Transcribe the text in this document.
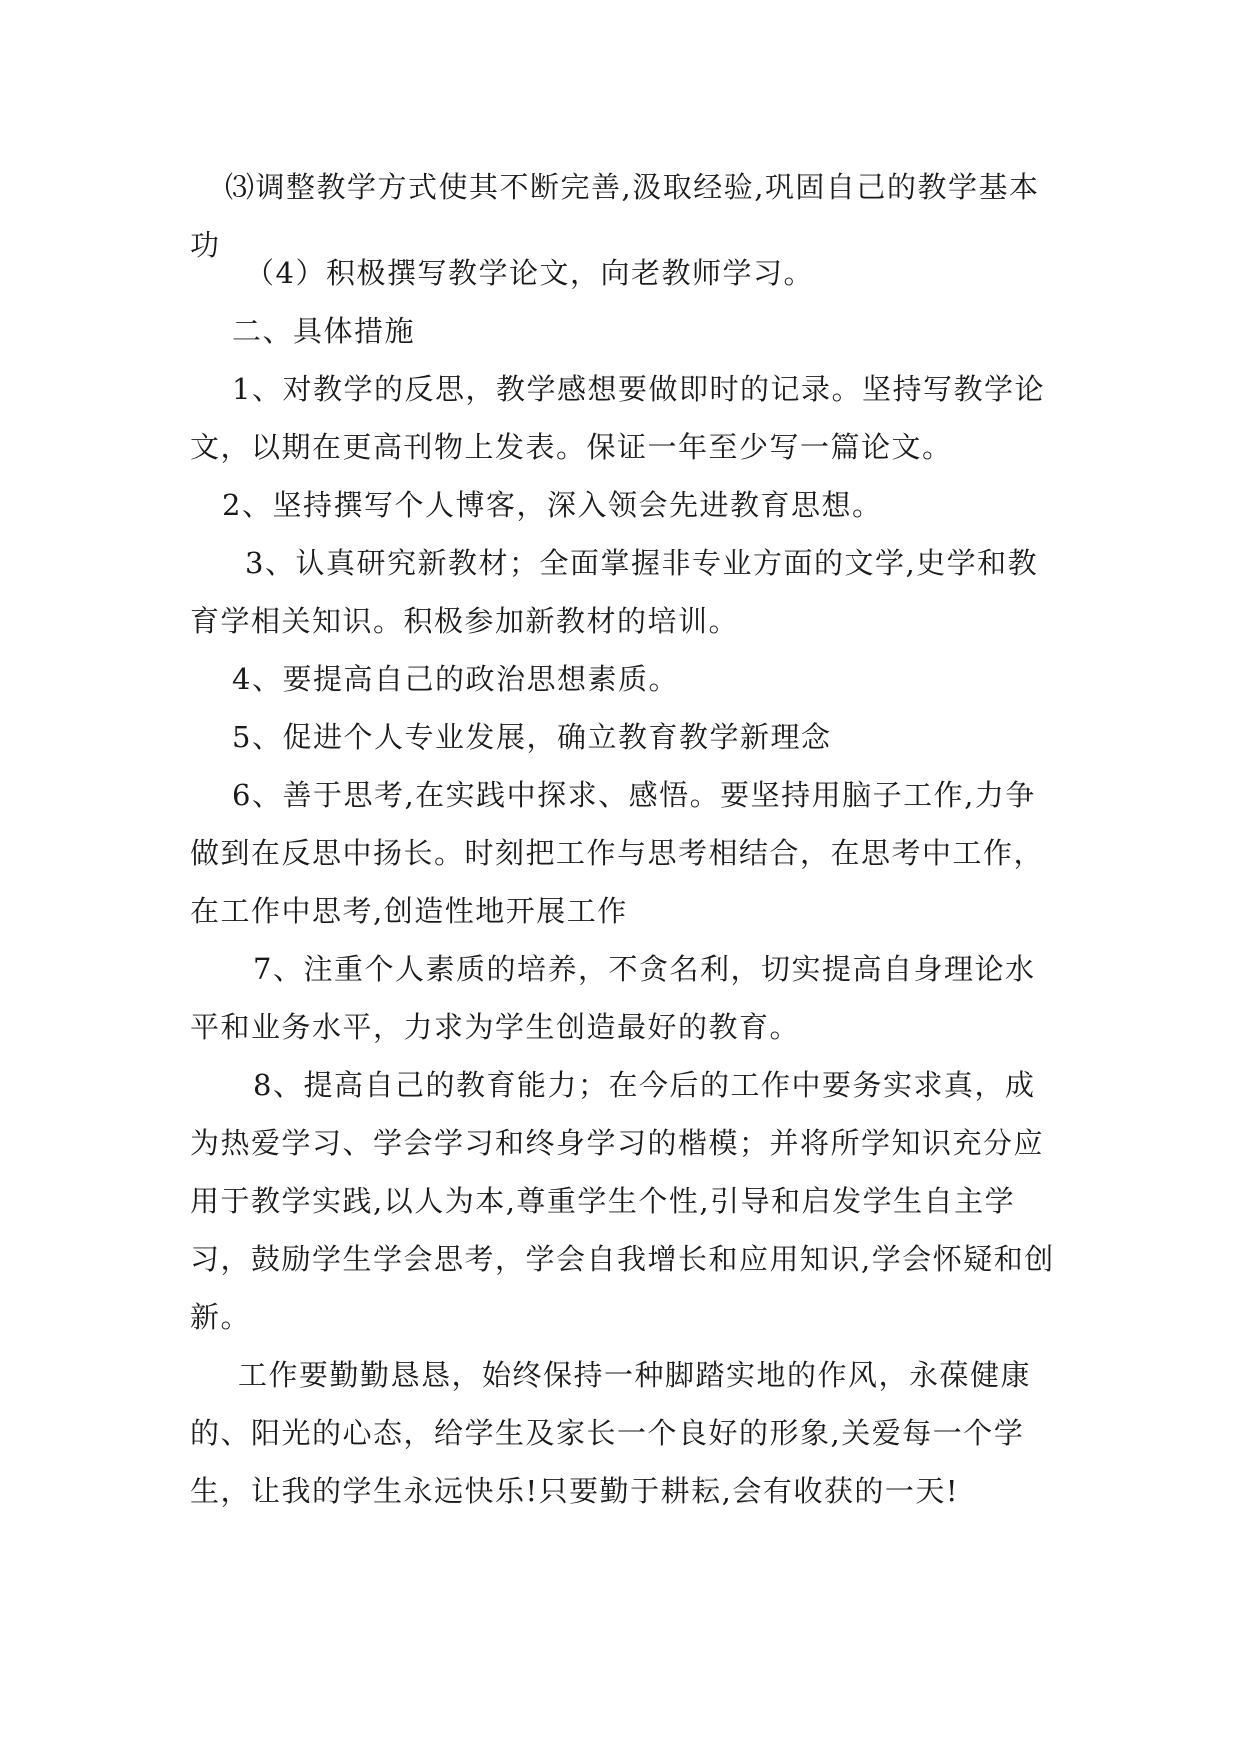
⑶调整教学方式使其不断完善,汲取经验,巩固自己的教学基本功

（4）积极撰写教学论文，向老教师学习。

二、具体措施

1、对教学的反思，教学感想要做即时的记录。坚持写教学论文，以期在更高刊物上发表。保证一年至少写一篇论文。

2、坚持撰写个人博客，深入领会先进教育思想。

3、认真研究新教材；全面掌握非专业方面的文学,史学和教育学相关知识。积极参加新教材的培训。

4、要提高自己的政治思想素质。

5、促进个人专业发展，确立教育教学新理念

6、善于思考,在实践中探求、感悟。要坚持用脑子工作,力争做到在反思中扬长。时刻把工作与思考相结合，在思考中工作，在工作中思考,创造性地开展工作

7、注重个人素质的培养，不贪名利，切实提高自身理论水平和业务水平，力求为学生创造最好的教育。

8、提高自己的教育能力；在今后的工作中要务实求真，成为热爱学习、学会学习和终身学习的楷模；并将所学知识充分应用于教学实践,以人为本,尊重学生个性,引导和启发学生自主学习，鼓励学生学会思考，学会自我增长和应用知识,学会怀疑和创新。

工作要勤勤恳恳，始终保持一种脚踏实地的作风，永葆健康的、阳光的心态，给学生及家长一个良好的形象,关爱每一个学生，让我的学生永远快乐!只要勤于耕耘,会有收获的一天!
